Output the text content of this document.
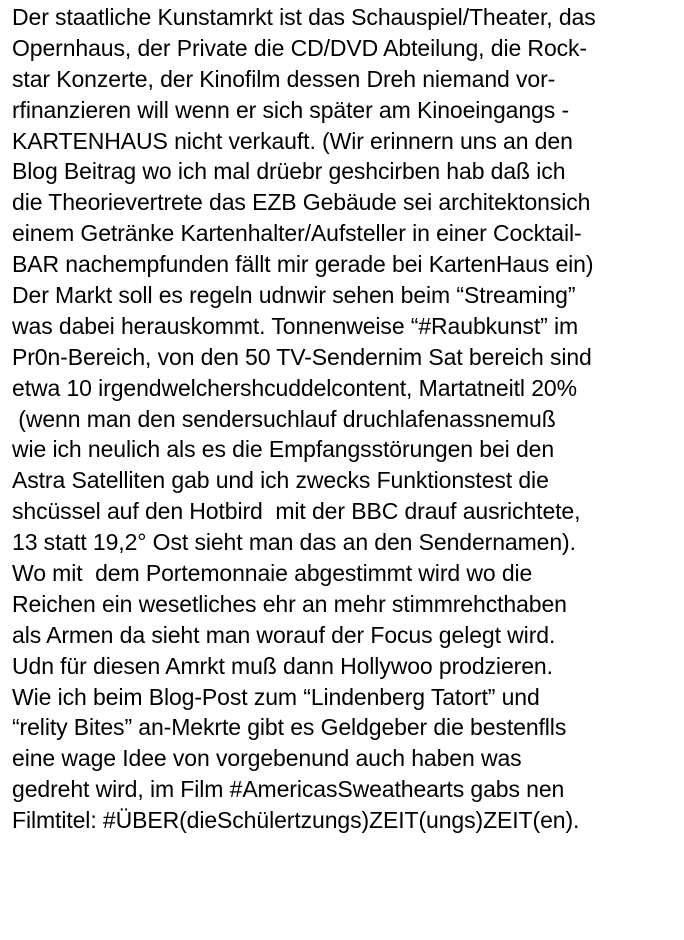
Der staatliche Kunstamrkt ist das Schauspiel/Theater, das
Opernhaus, der Private die CD/DVD Abteilung, die Rock-
star Konzerte, der Kinofilm dessen Dreh niemand vor-
rfinanzieren will wenn er sich später am Kinoeingangs -
KARTENHAUS nicht verkauft. (Wir erinnern uns an den
Blog Beitrag wo ich mal drüebr geshcirben hab daß ich
die Theorievertrete das EZB Gebäude sei architektonsich
einem Getränke Kartenhalter/Aufsteller in einer Cocktail-
BAR nachempfunden fällt mir gerade bei KartenHaus ein)
Der Markt soll es regeln udnwir sehen beim “Streaming”
was dabei herauskommt. Tonnenweise “#Raubkunst” im
Pr0n-Bereich, von den 50 TV-Sendernim Sat bereich sind
etwa 10 irgendwelchershcuddelcontent, Martatneitl 20%
(wenn man den sendersuchlauf druchlafenassnemuß
wie ich neulich als es die Empfangsstörungen bei den
Astra Satelliten gab und ich zwecks Funktionstest die
shcüssel auf den Hotbird  mit der BBC drauf ausrichtete,
13 statt 19,2° Ost sieht man das an den Sendernamen).
Wo mit  dem Portemonnaie abgestimmt wird wo die
Reichen ein wesetliches ehr an mehr stimmrehcthaben
als Armen da sieht man worauf der Focus gelegt wird.
Udn für diesen Amrkt muß dann Hollywoo prodzieren.
Wie ich beim Blog-Post zum “Lindenberg Tatort” und
“relity Bites” an-Mekrte gibt es Geldgeber die bestenflls
eine wage Idee von vorgebenund auch haben was
gedreht wird, im Film #AmericasSweathearts gabs nen
Filmtitel: #ÜBER(dieSchülertzungs)ZEIT(ungs)ZEIT(en).
